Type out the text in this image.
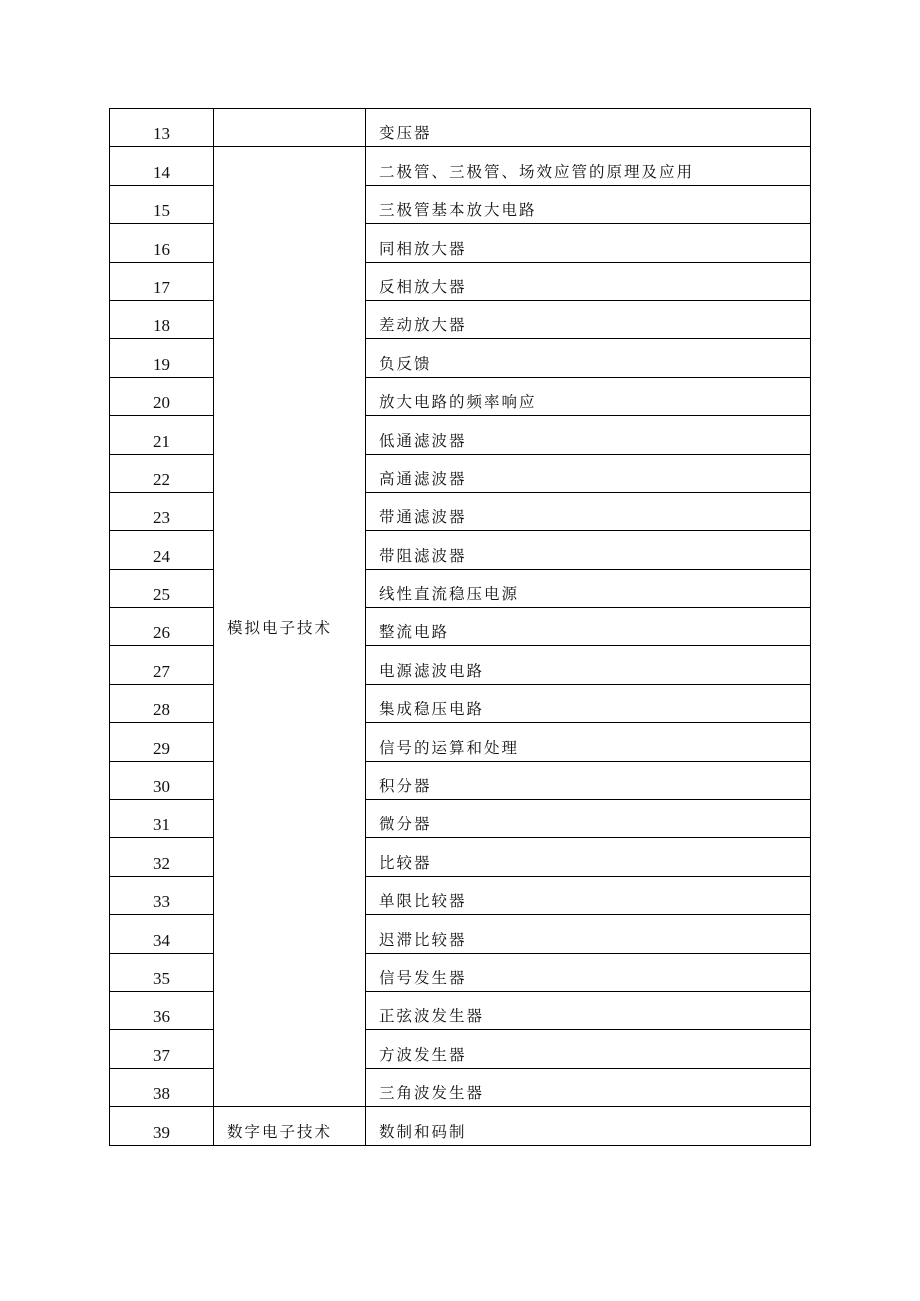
13		变压器
14	模拟电子技术	二极管、三极管、场效应管的原理及应用
15		三极管基本放大电路
16		同相放大器
17		反相放大器
18		差动放大器
19		负反馈
20		放大电路的频率响应
21		低通滤波器
22		高通滤波器
23		带通滤波器
24		带阻滤波器
25		线性直流稳压电源
26		整流电路
27		电源滤波电路
28		集成稳压电路
29		信号的运算和处理
30		积分器
31		微分器
32		比较器
33		单限比较器
34		迟滞比较器
35		信号发生器
36		正弦波发生器
37		方波发生器
38		三角波发生器
39	数字电子技术	数制和码制
